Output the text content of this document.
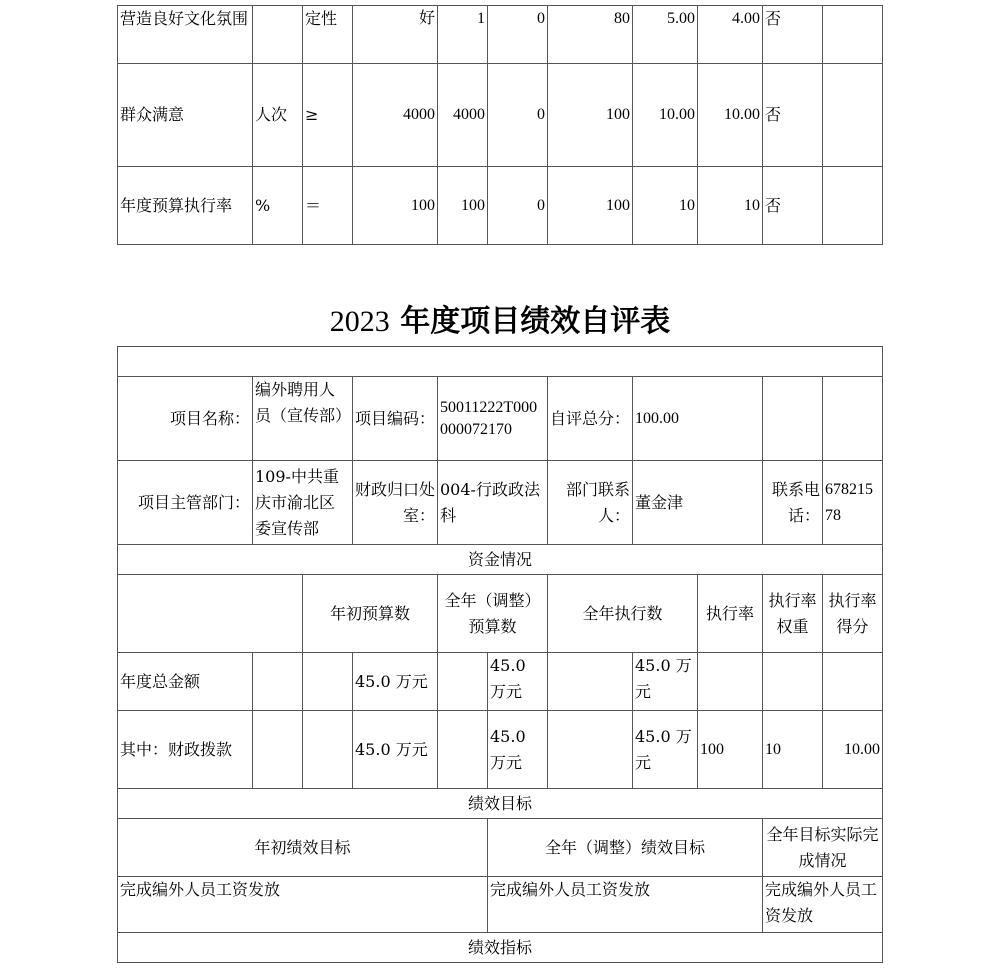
营造良好文化氛围		定性	好	1	0	80	5.00	4.00	否	
群众满意	人次	≥	4000	4000	0	100	10.00	10.00	否	
年度预算执行率	%	＝	100	100	0	100	10	10	否	
2023 年度项目绩效自评表

项目名称：	编外聘用人员（宣传部）		项目编码：	50011222T000000072170		自评总分：	100.00			
项目主管部门：	109-中共重庆市渝北区委宣传部		财政归口处室：	004-行政政法科		部门联系人：	董金津		联系电话：	67821578
资金情况										
		年初预算数		全年（调整）预算数		全年执行数		执行率	执行率权重	执行率得分
年度总金额			45.0 万元		45.0 万元		45.0 万元			
其中：财政拨款			45.0 万元		45.0 万元		45.0 万元	100	10	10.00
绩效目标										
年初绩效目标					全年（调整）绩效目标				全年目标实际完成情况	
完成编外人员工资发放					完成编外人员工资发放				完成编外人员工资发放	
绩效指标										
